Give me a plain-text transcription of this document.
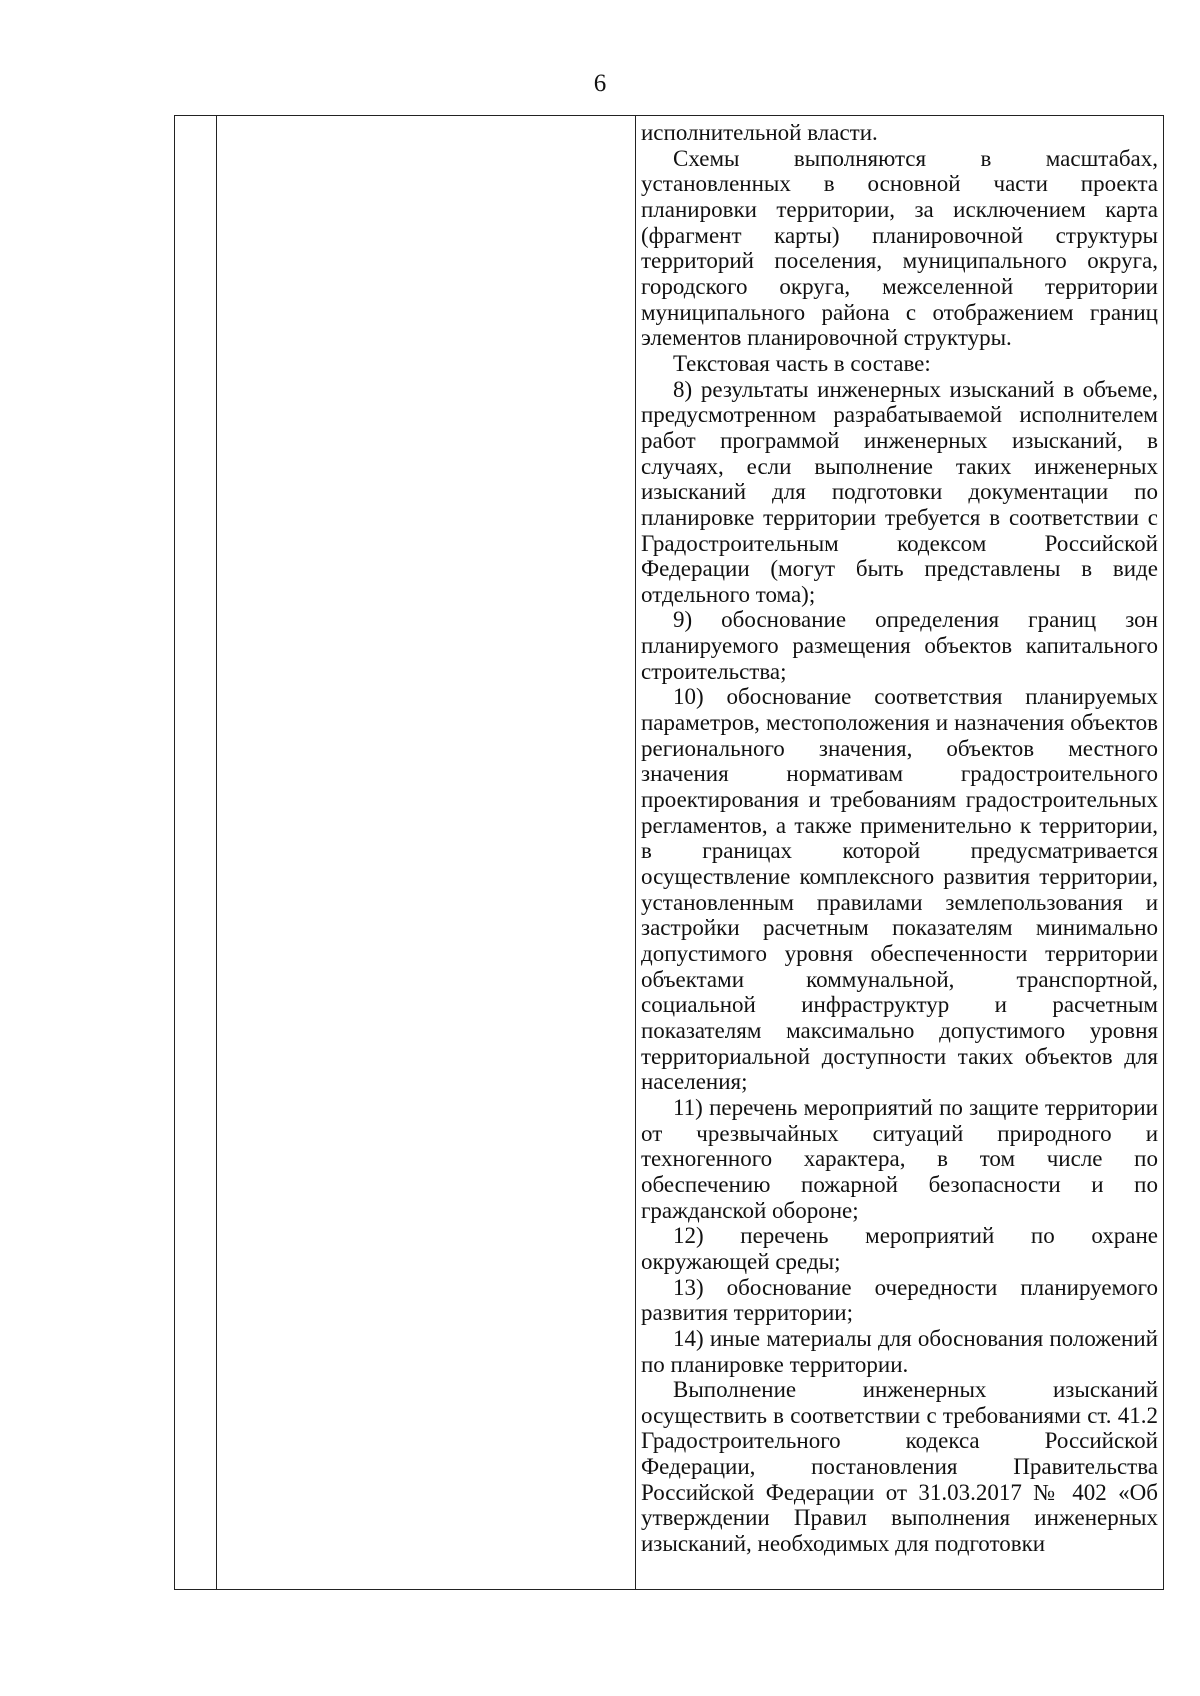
6

исполнительной власти.

Схемы выполняются в масштабах, установленных в основной части проекта планировки территории, за исключением карта (фрагмент карты) планировочной структуры территорий поселения, муниципального округа, городского округа, межселенной территории муниципального района с отображением границ элементов планировочной структуры.

Текстовая часть в составе:

8) результаты инженерных изысканий в объеме, предусмотренном разрабатываемой исполнителем работ программой инженерных изысканий, в случаях, если выполнение таких инженерных изысканий для подготовки документации по планировке территории требуется в соответствии с Градостроительным кодексом Российской Федерации (могут быть представлены в виде отдельного тома);

9) обоснование определения границ зон планируемого размещения объектов капитального строительства;

10) обоснование соответствия планируемых параметров, местоположения и назначения объектов регионального значения, объектов местного значения нормативам градостроительного проектирования и требованиям градостроительных регламентов, а также применительно к территории, в границах которой предусматривается осуществление комплексного развития территории, установленным правилами землепользования и застройки расчетным показателям минимально допустимого уровня обеспеченности территории объектами коммунальной, транспортной, социальной инфраструктур и расчетным показателям максимально допустимого уровня территориальной доступности таких объектов для населения;

11) перечень мероприятий по защите территории от чрезвычайных ситуаций природного и техногенного характера, в том числе по обеспечению пожарной безопасности и по гражданской обороне;

12) перечень мероприятий по охране окружающей среды;

13) обоснование очередности планируемого развития территории;

14) иные материалы для обоснования положений по планировке территории.

Выполнение инженерных изысканий осуществить в соответствии с требованиями ст. 41.2 Градостроительного кодекса Российской Федерации, постановления Правительства Российской Федерации от 31.03.2017 № 402 «Об утверждении Правил выполнения инженерных изысканий, необходимых для подготовки
